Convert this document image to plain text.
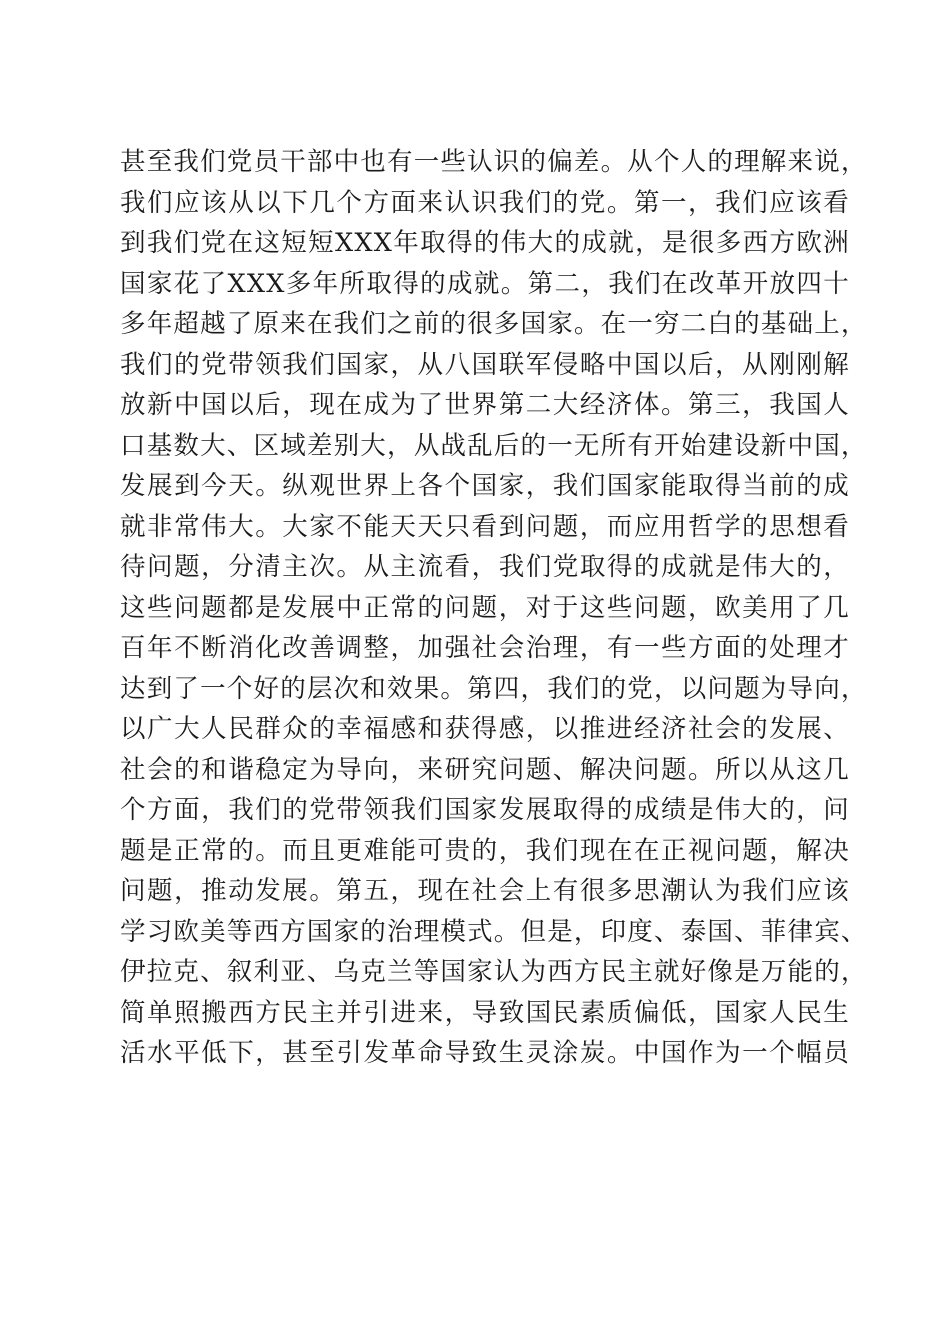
甚至我们党员干部中也有一些认识的偏差。从个人的理解来说，
我们应该从以下几个方面来认识我们的党。第一，我们应该看
到我们党在这短短XXX年取得的伟大的成就，是很多西方欧洲
国家花了XXX多年所取得的成就。第二，我们在改革开放四十
多年超越了原来在我们之前的很多国家。在一穷二白的基础上，
我们的党带领我们国家，从八国联军侵略中国以后，从刚刚解
放新中国以后，现在成为了世界第二大经济体。第三，我国人
口基数大、区域差别大，从战乱后的一无所有开始建设新中国，
发展到今天。纵观世界上各个国家，我们国家能取得当前的成
就非常伟大。大家不能天天只看到问题，而应用哲学的思想看
待问题，分清主次。从主流看，我们党取得的成就是伟大的，
这些问题都是发展中正常的问题，对于这些问题，欧美用了几
百年不断消化改善调整，加强社会治理，有一些方面的处理才
达到了一个好的层次和效果。第四，我们的党，以问题为导向，
以广大人民群众的幸福感和获得感，以推进经济社会的发展、
社会的和谐稳定为导向，来研究问题、解决问题。所以从这几
个方面，我们的党带领我们国家发展取得的成绩是伟大的，问
题是正常的。而且更难能可贵的，我们现在在正视问题，解决
问题，推动发展。第五，现在社会上有很多思潮认为我们应该
学习欧美等西方国家的治理模式。但是，印度、泰国、菲律宾、
伊拉克、叙利亚、乌克兰等国家认为西方民主就好像是万能的，
简单照搬西方民主并引进来，导致国民素质偏低，国家人民生
活水平低下，甚至引发革命导致生灵涂炭。中国作为一个幅员
